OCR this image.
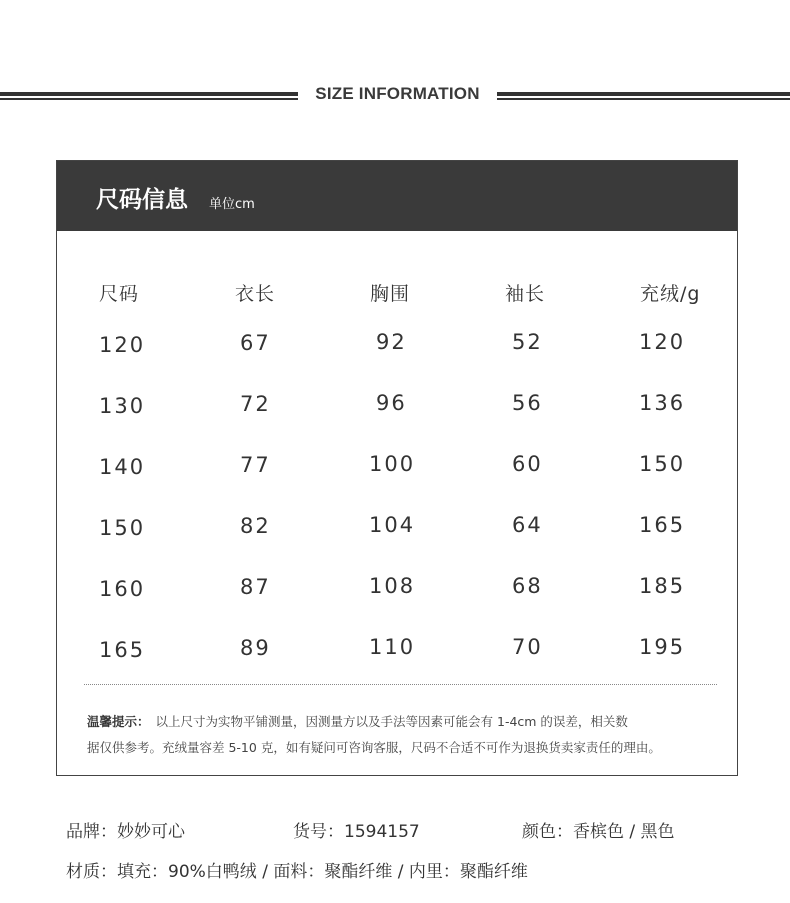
SIZE INFORMATION
尺码信息 单位cm
尺码	衣长	胸围	袖长	充绒/g
120	67	92	52	120
130	72	96	56	136
140	77	100	60	150
150	82	104	64	165
160	87	108	68	185
165	89	110	70	195
温馨提示： 以上尺寸为实物平铺测量，因测量方以及手法等因素可能会有 1-4cm 的误差，相关数
据仅供参考。充绒量容差 5-10 克，如有疑问可咨询客服，尺码不合适不可作为退换货卖家责任的理由。
品牌：妙妙可心	货号：1594157	颜色：香槟色 / 黑色
材质：填充：90%白鸭绒 / 面料：聚酯纤维 / 内里：聚酯纤维
